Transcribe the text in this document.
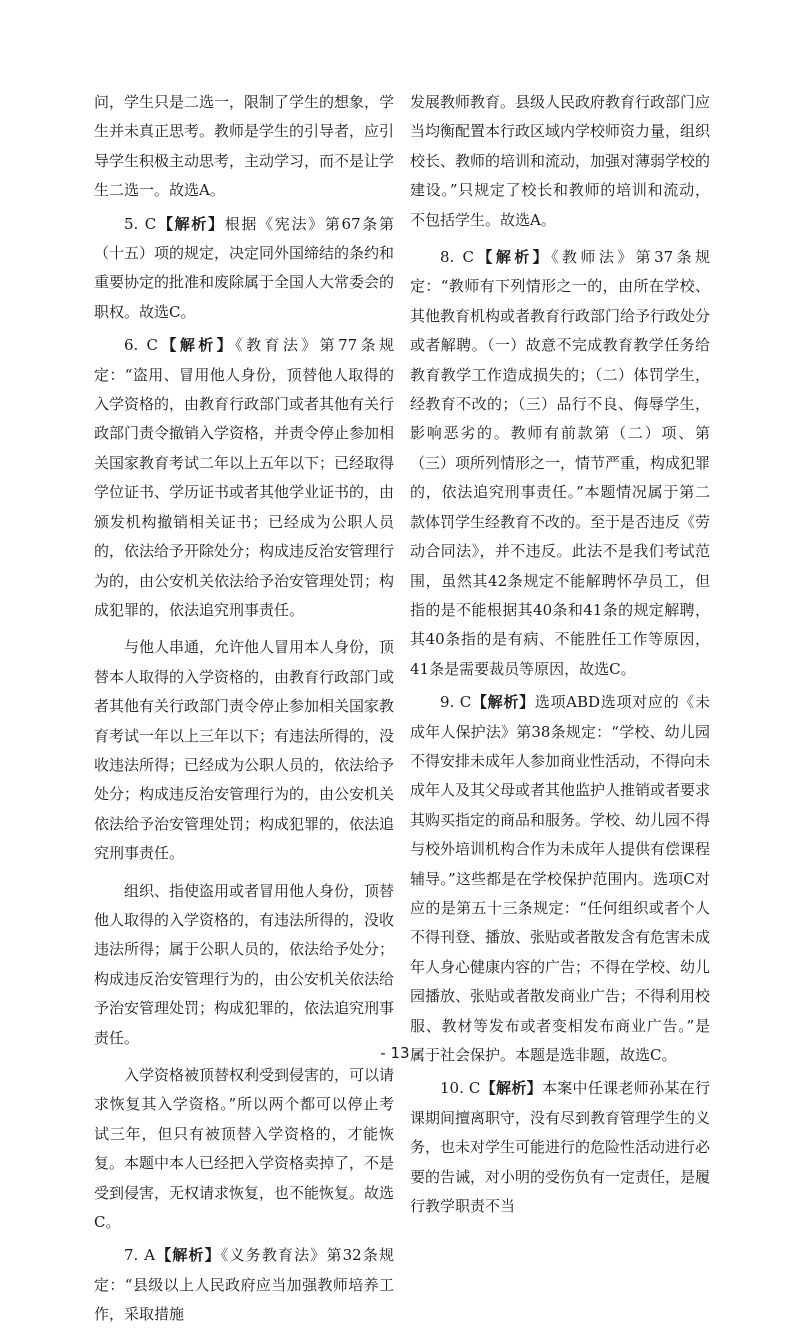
问，学生只是二选一，限制了学生的想象，学生并未真正思考。教师是学生的引导者，应引导学生积极主动思考，主动学习，而不是让学生二选一。故选A。

5. C【解析】根据《宪法》第67条第（十五）项的规定，决定同外国缔结的条约和重要协定的批准和废除属于全国人大常委会的职权。故选C。

6. C【解析】《教育法》第77条规定：“盗用、冒用他人身份，顶替他人取得的入学资格的，由教育行政部门或者其他有关行政部门责令撤销入学资格，并责令停止参加相关国家教育考试二年以上五年以下；已经取得学位证书、学历证书或者其他学业证书的，由颁发机构撤销相关证书；已经成为公职人员的，依法给予开除处分；构成违反治安管理行为的，由公安机关依法给予治安管理处罚；构成犯罪的，依法追究刑事责任。

与他人串通，允许他人冒用本人身份，顶替本人取得的入学资格的，由教育行政部门或者其他有关行政部门责令停止参加相关国家教育考试一年以上三年以下；有违法所得的，没收违法所得；已经成为公职人员的，依法给予处分；构成违反治安管理行为的，由公安机关依法给予治安管理处罚；构成犯罪的，依法追究刑事责任。

组织、指使盗用或者冒用他人身份，顶替他人取得的入学资格的，有违法所得的，没收违法所得；属于公职人员的，依法给予处分；构成违反治安管理行为的，由公安机关依法给予治安管理处罚；构成犯罪的，依法追究刑事责任。

入学资格被顶替权利受到侵害的，可以请求恢复其入学资格。”所以两个都可以停止考试三年，但只有被顶替入学资格的，才能恢复。本题中本人已经把入学资格卖掉了，不是受到侵害，无权请求恢复，也不能恢复。故选C。

7. A【解析】《义务教育法》第32条规定：“县级以上人民政府应当加强教师培养工作，采取措施

发展教师教育。县级人民政府教育行政部门应当均衡配置本行政区域内学校师资力量，组织校长、教师的培训和流动，加强对薄弱学校的建设。”只规定了校长和教师的培训和流动，不包括学生。故选A。

8. C【解析】《教师法》第37条规定：“教师有下列情形之一的，由所在学校、其他教育机构或者教育行政部门给予行政处分或者解聘。（一）故意不完成教育教学任务给教育教学工作造成损失的；（二）体罚学生，经教育不改的；（三）品行不良、侮辱学生，影响恶劣的。教师有前款第（二）项、第（三）项所列情形之一，情节严重，构成犯罪的，依法追究刑事责任。”本题情况属于第二款体罚学生经教育不改的。至于是否违反《劳动合同法》，并不违反。此法不是我们考试范围，虽然其42条规定不能解聘怀孕员工，但指的是不能根据其40条和41条的规定解聘，其40条指的是有病、不能胜任工作等原因，41条是需要裁员等原因，故选C。

9. C【解析】选项ABD选项对应的《未成年人保护法》第38条规定：“学校、幼儿园不得安排未成年人参加商业性活动，不得向未成年人及其父母或者其他监护人推销或者要求其购买指定的商品和服务。学校、幼儿园不得与校外培训机构合作为未成年人提供有偿课程辅导。”这些都是在学校保护范围内。选项C对应的是第五十三条规定：“任何组织或者个人不得刊登、播放、张贴或者散发含有危害未成年人身心健康内容的广告；不得在学校、幼儿园播放、张贴或者散发商业广告；不得利用校服、教材等发布或者变相发布商业广告。”是属于社会保护。本题是选非题，故选C。

10. C【解析】本案中任课老师孙某在行课期间擅离职守，没有尽到教育管理学生的义务，也未对学生可能进行的危险性活动进行必要的告诫，对小明的受伤负有一定责任，是履行教学职责不当

- 13 -
